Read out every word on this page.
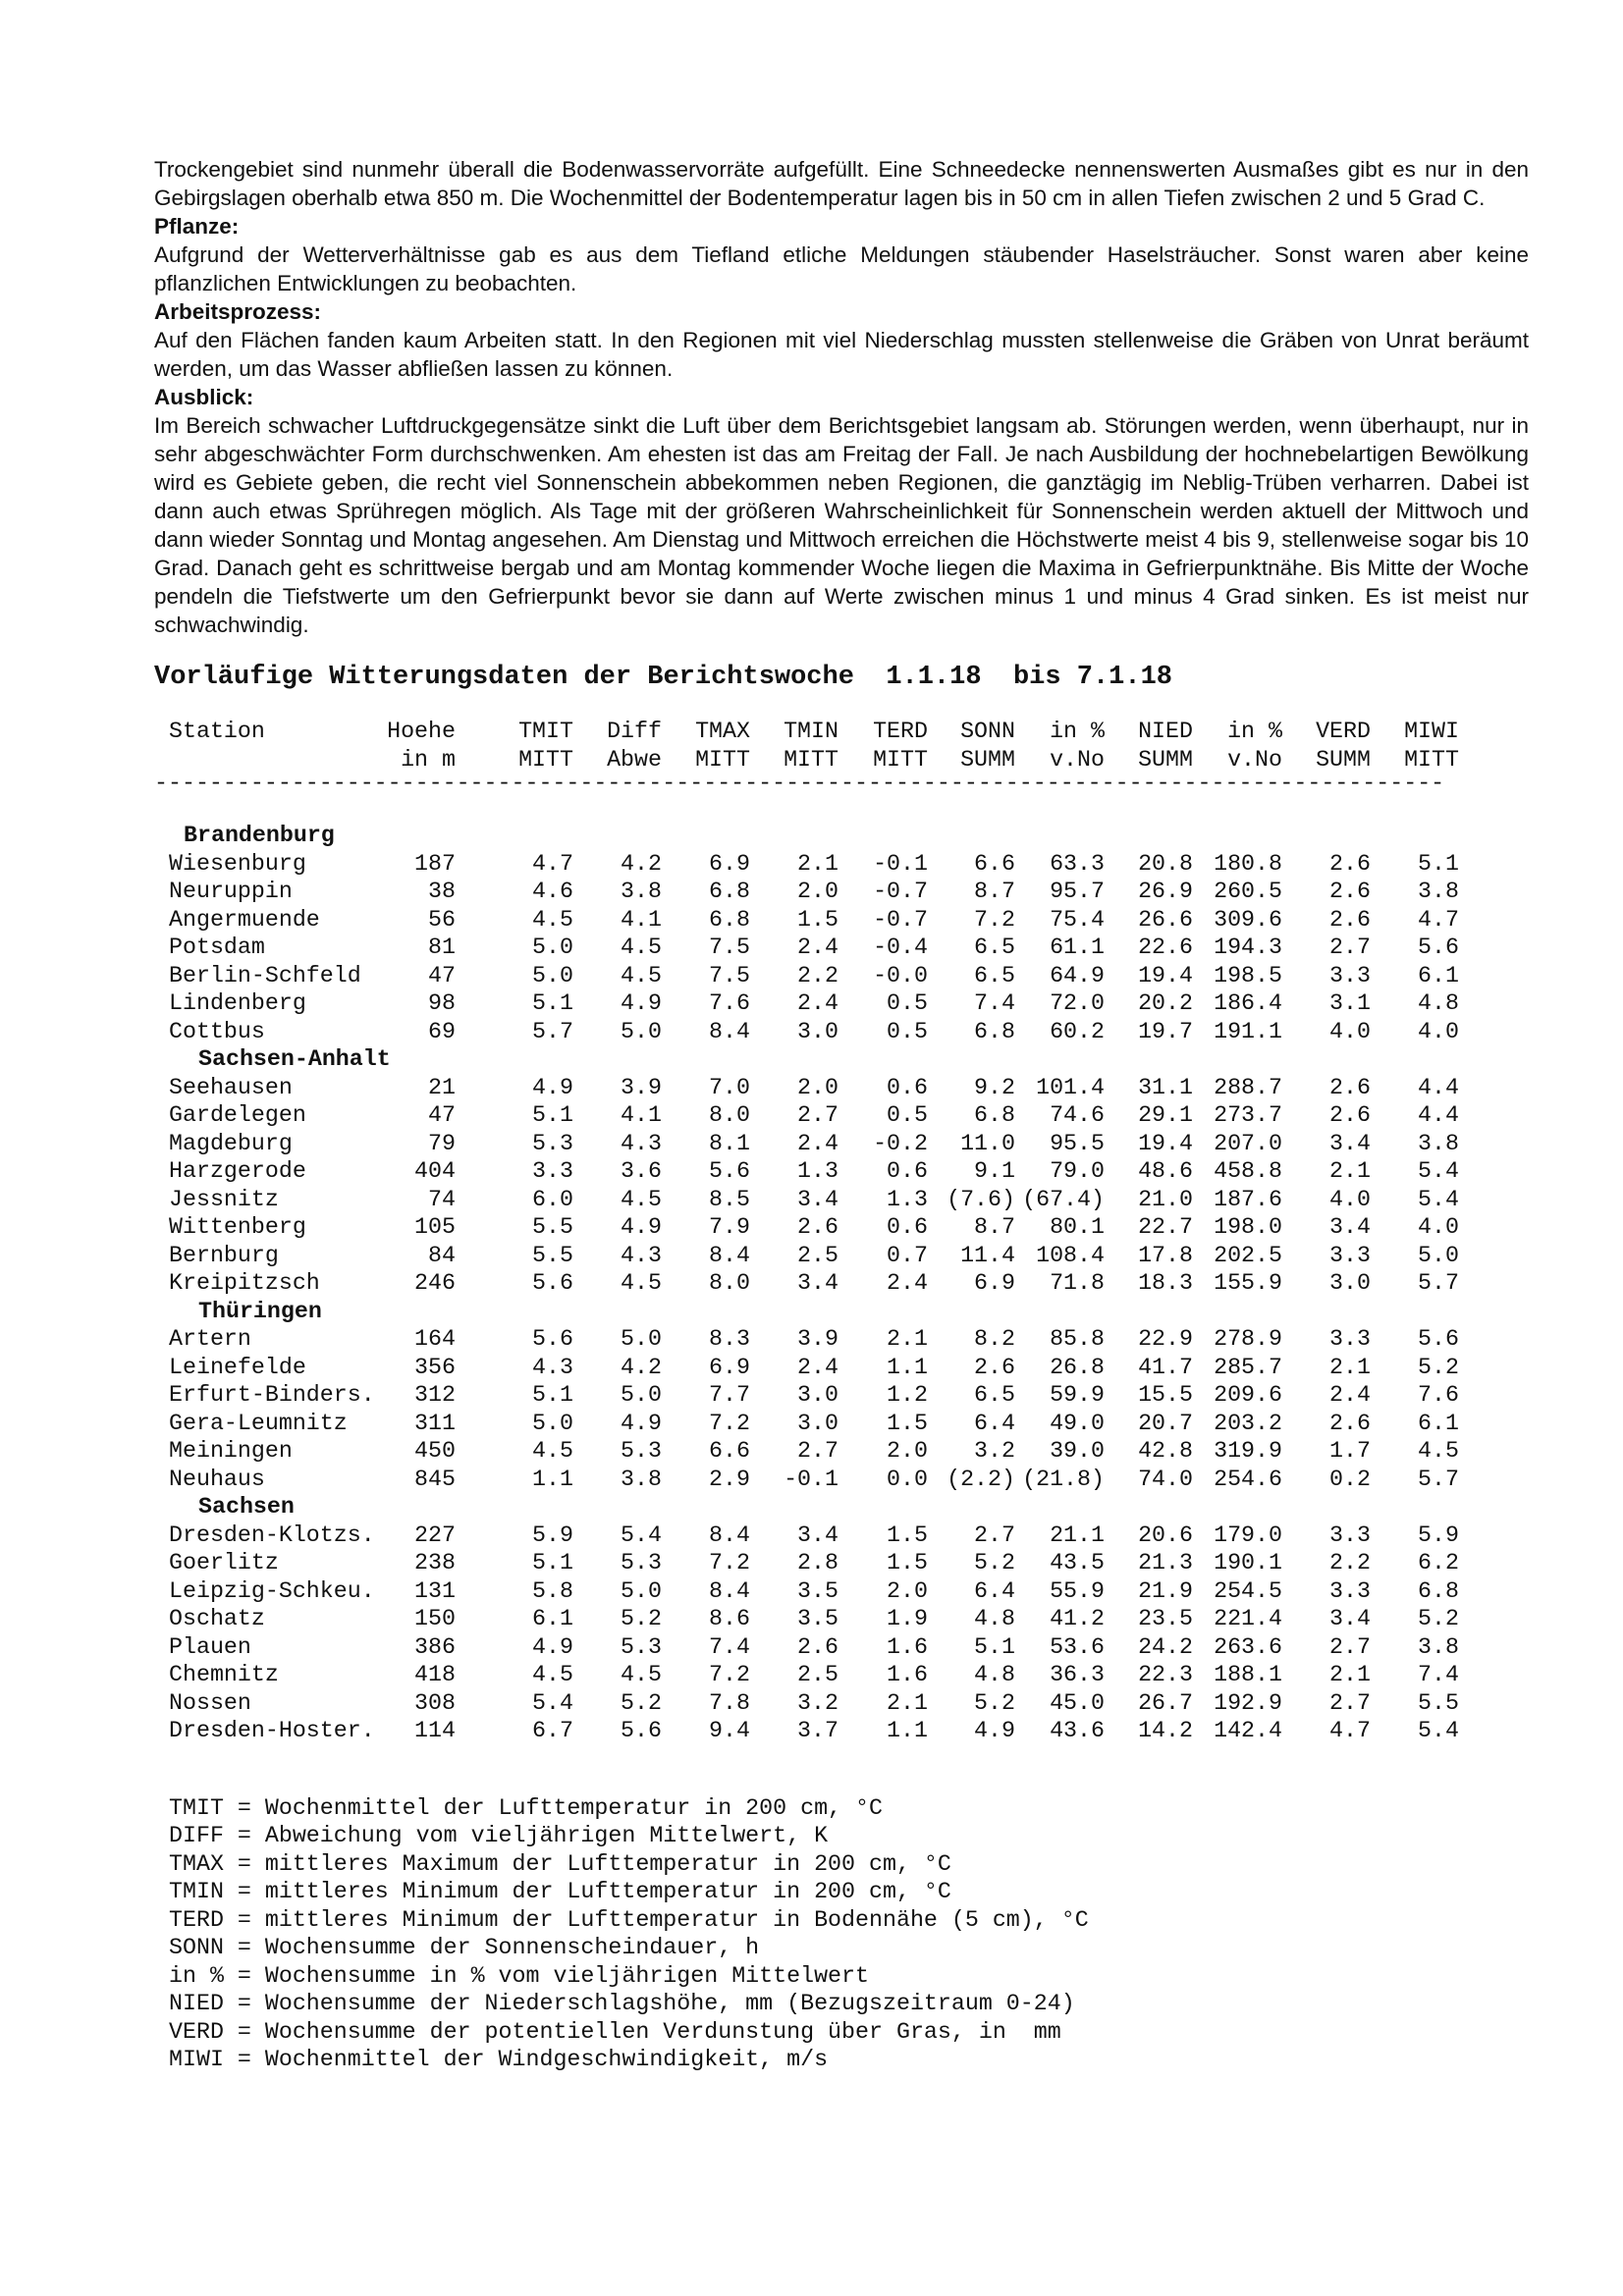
Trockengebiet sind nunmehr überall die Bodenwasservorräte aufgefüllt. Eine Schneedecke nennenswerten Ausmaßes gibt es nur in den Gebirgslagen oberhalb etwa 850 m. Die Wochenmittel der Bodentemperatur lagen bis in 50 cm in allen Tiefen zwischen 2 und 5 Grad C.

Pflanze:

Aufgrund der Wetterverhältnisse gab es aus dem Tiefland etliche Meldungen stäubender Haselsträucher. Sonst waren aber keine pflanzlichen Entwicklungen zu beobachten.

Arbeitsprozess:

Auf den Flächen fanden kaum Arbeiten statt. In den Regionen mit viel Niederschlag mussten stellenweise die Gräben von Unrat beräumt werden, um das Wasser abfließen lassen zu können.

Ausblick:

Im Bereich schwacher Luftdruckgegensätze sinkt die Luft über dem Berichtsgebiet langsam ab. Störungen werden, wenn überhaupt, nur in sehr abgeschwächter Form durchschwenken. Am ehesten ist das am Freitag der Fall. Je nach Ausbildung der hochnebelartigen Bewölkung wird es Gebiete geben, die recht viel Sonnenschein abbekommen neben Regionen, die ganztägig im Neblig-Trüben verharren. Dabei ist dann auch etwas Sprühregen möglich. Als Tage mit der größeren Wahrscheinlichkeit für Sonnenschein werden aktuell der Mittwoch und dann wieder Sonntag und Montag angesehen. Am Dienstag und Mittwoch erreichen die Höchstwerte meist 4 bis 9, stellenweise sogar bis 10 Grad. Danach geht es schrittweise bergab und am Montag kommender Woche liegen die Maxima in Gefrierpunktnähe. Bis Mitte der Woche pendeln die Tiefstwerte um den Gefrierpunkt bevor sie dann auf Werte zwischen minus 1 und minus 4 Grad sinken. Es ist meist nur schwachwindig.

Vorläufige Witterungsdaten der Berichtswoche  1.1.18  bis 7.1.18
Station	Hoehe	TMIT	Diff	TMAX	TMIN	TERD	SONN	in %	NIED	in %	VERD	MIWI
in m	MITT	Abwe	MITT	MITT	MITT	SUMM	v.No	SUMM	v.No	SUMM	MITT
----------------------------------------------------------------------------------------------
Brandenburg
Wiesenburg	187	4.7	4.2	6.9	2.1	-0.1	6.6	63.3	20.8 180.8	2.6	5.1
Neuruppin	38	4.6	3.8	6.8	2.0	-0.7	8.7	95.7	26.9 260.5	2.6	3.8
Angermuende	56	4.5	4.1	6.8	1.5	-0.7	7.2	75.4	26.6 309.6	2.6	4.7
Potsdam	81	5.0	4.5	7.5	2.4	-0.4	6.5	61.1	22.6 194.3	2.7	5.6
Berlin-Schfeld	47	5.0	4.5	7.5	2.2	-0.0	6.5	64.9	19.4 198.5	3.3	6.1
Lindenberg	98	5.1	4.9	7.6	2.4	0.5	7.4	72.0	20.2 186.4	3.1	4.8
Cottbus	69	5.7	5.0	8.4	3.0	0.5	6.8	60.2	19.7 191.1	4.0	4.0
Sachsen-Anhalt
Seehausen	21	4.9	3.9	7.0	2.0	0.6	9.2 101.4	31.1 288.7	2.6	4.4
Gardelegen	47	5.1	4.1	8.0	2.7	0.5	6.8	74.6	29.1 273.7	2.6	4.4
Magdeburg	79	5.3	4.3	8.1	2.4	-0.2	11.0	95.5	19.4 207.0	3.4	3.8
Harzgerode	404	3.3	3.6	5.6	1.3	0.6	9.1	79.0	48.6 458.8	2.1	5.4
Jessnitz	74	6.0	4.5	8.5	3.4	1.3 (7.6) (67.4)	21.0 187.6	4.0	5.4
Wittenberg	105	5.5	4.9	7.9	2.6	0.6	8.7	80.1	22.7 198.0	3.4	4.0
Bernburg	84	5.5	4.3	8.4	2.5	0.7	11.4 108.4	17.8 202.5	3.3	5.0
Kreipitzsch	246	5.6	4.5	8.0	3.4	2.4	6.9	71.8	18.3 155.9	3.0	5.7
Thüringen
Artern	164	5.6	5.0	8.3	3.9	2.1	8.2	85.8	22.9 278.9	3.3	5.6
Leinefelde	356	4.3	4.2	6.9	2.4	1.1	2.6	26.8	41.7 285.7	2.1	5.2
Erfurt-Binders.	312	5.1	5.0	7.7	3.0	1.2	6.5	59.9	15.5 209.6	2.4	7.6
Gera-Leumnitz	311	5.0	4.9	7.2	3.0	1.5	6.4	49.0	20.7 203.2	2.6	6.1
Meiningen	450	4.5	5.3	6.6	2.7	2.0	3.2	39.0	42.8 319.9	1.7	4.5
Neuhaus	845	1.1	3.8	2.9	-0.1	0.0 (2.2) (21.8)	74.0 254.6	0.2	5.7
Sachsen
Dresden-Klotzs.	227	5.9	5.4	8.4	3.4	1.5	2.7	21.1	20.6 179.0	3.3	5.9
Goerlitz	238	5.1	5.3	7.2	2.8	1.5	5.2	43.5	21.3 190.1	2.2	6.2
Leipzig-Schkeu.	131	5.8	5.0	8.4	3.5	2.0	6.4	55.9	21.9 254.5	3.3	6.8
Oschatz	150	6.1	5.2	8.6	3.5	1.9	4.8	41.2	23.5 221.4	3.4	5.2
Plauen	386	4.9	5.3	7.4	2.6	1.6	5.1	53.6	24.2 263.6	2.7	3.8
Chemnitz	418	4.5	4.5	7.2	2.5	1.6	4.8	36.3	22.3 188.1	2.1	7.4
Nossen	308	5.4	5.2	7.8	3.2	2.1	5.2	45.0	26.7 192.9	2.7	5.5
Dresden-Hoster.	114	6.7	5.6	9.4	3.7	1.1	4.9	43.6	14.2 142.4	4.7	5.4
TMIT = Wochenmittel der Lufttemperatur in 200 cm, °C
DIFF = Abweichung vom vieljährigen Mittelwert, K
TMAX = mittleres Maximum der Lufttemperatur in 200 cm, °C
TMIN = mittleres Minimum der Lufttemperatur in 200 cm, °C
TERD = mittleres Minimum der Lufttemperatur in Bodennähe (5 cm), °C
SONN = Wochensumme der Sonnenscheindauer, h
in % = Wochensumme in % vom vieljährigen Mittelwert
NIED = Wochensumme der Niederschlagshöhe, mm (Bezugszeitraum 0-24)
VERD = Wochensumme der potentiellen Verdunstung über Gras, in  mm
MIWI = Wochenmittel der Windgeschwindigkeit, m/s
